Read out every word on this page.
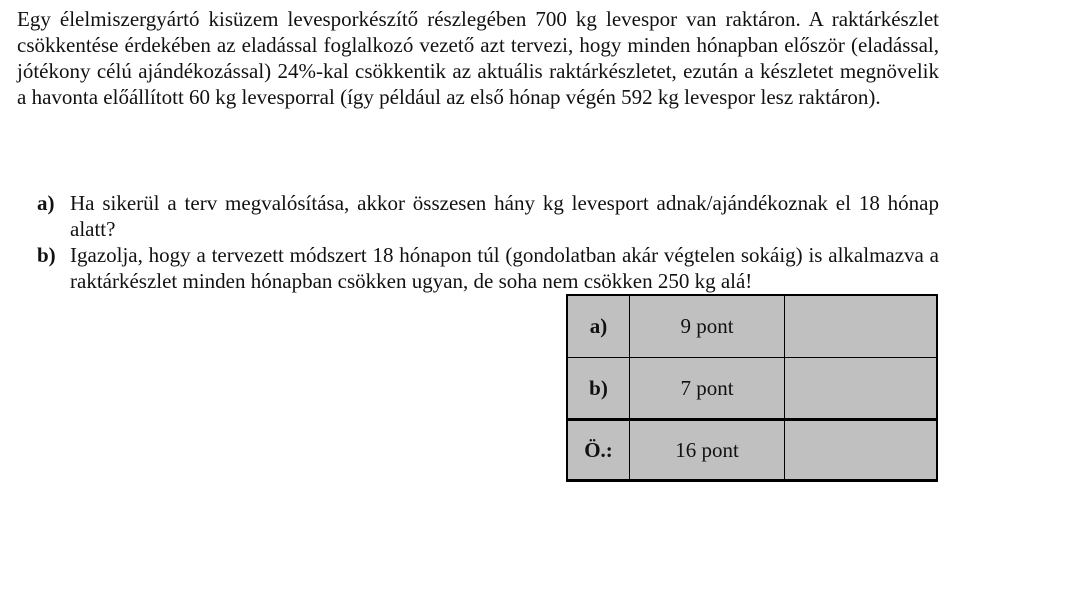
Egy élelmiszergyártó kisüzem levesporkészítő részlegében 700 kg levespor van raktáron. A raktárkészlet csökkentése érdekében az eladással foglalkozó vezető azt tervezi, hogy minden hónapban először (eladással, jótékony célú ajándékozással) 24%-kal csökkentik az aktuális raktárkészletet, ezután a készletet megnövelik a havonta előállított 60 kg levesporral (így például az első hónap végén 592 kg levespor lesz raktáron).

a) Ha sikerül a terv megvalósítása, akkor összesen hány kg levesport adnak/ajándékoznak el 18 hónap alatt?

b) Igazolja, hogy a tervezett módszert 18 hónapon túl (gondolatban akár végtelen sokáig) is alkalmazva a raktárkészlet minden hónapban csökken ugyan, de soha nem csökken 250 kg alá!

a)	9 pont	
b)	7 pont	
Ö.:	16 pont	
